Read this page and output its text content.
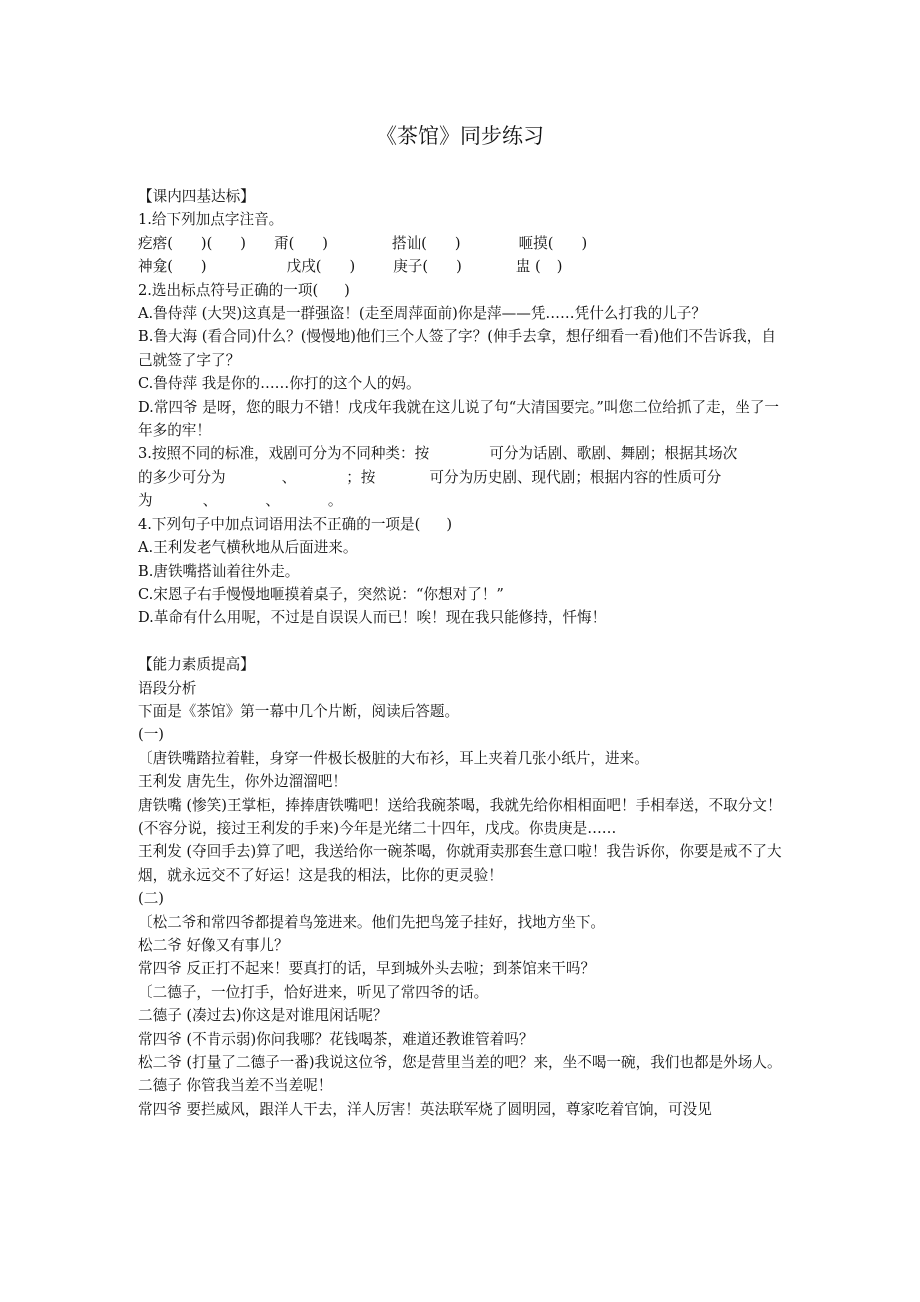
《茶馆》同步练习
【课内四基达标】
1.给下列加点字注音。
疙瘩( )( ) 甭( )	搭讪( )	咂摸( )
神龛( )	戊戌( )	庚子( )	盅 ( )
2.选出标点符号正确的一项( )
A.鲁侍萍 (大哭)这真是一群强盗！(走至周萍面前)你是萍——凭……凭什么打我的儿子？
B.鲁大海 (看合同)什么？(慢慢地)他们三个人签了字？(伸手去拿，想仔细看一看)他们不告诉我，自己就签了字了？
C.鲁侍萍 我是你的……你打的这个人的妈。
D.常四爷 是呀，您的眼力不错！戊戌年我就在这儿说了句“大清国要完。”叫您二位给抓了走，坐了一年多的牢！
3.按照不同的标准，戏剧可分为不同种类：按	可分为话剧、歌剧、舞剧；根据其场次
的多少可分为	、	；按	可分为历史剧、现代剧；根据内容的性质可分
为	、	、	。
4.下列句子中加点词语用法不正确的一项是( )
A.王利发老气横秋地从后面进来。
B.唐铁嘴搭讪着往外走。
C.宋恩子右手慢慢地咂摸着桌子，突然说：“你想对了！”
D.革命有什么用呢，不过是自误误人而已！唉！现在我只能修持，忏悔！
【能力素质提高】
语段分析
下面是《茶馆》第一幕中几个片断，阅读后答题。
(一)
〔唐铁嘴踏拉着鞋，身穿一件极长极脏的大布衫，耳上夹着几张小纸片，进来。
王利发 唐先生，你外边溜溜吧！
唐铁嘴 (惨笑)王掌柜，捧捧唐铁嘴吧！送给我碗茶喝，我就先给你相相面吧！手相奉送，不取分文！(不容分说，接过王利发的手来)今年是光绪二十四年，戊戌。你贵庚是……
王利发 (夺回手去)算了吧，我送给你一碗茶喝，你就甭卖那套生意口啦！我告诉你，你要是戒不了大烟，就永远交不了好运！这是我的相法，比你的更灵验！
(二)
〔松二爷和常四爷都提着鸟笼进来。他们先把鸟笼子挂好，找地方坐下。
松二爷 好像又有事儿？
常四爷 反正打不起来！要真打的话，早到城外头去啦；到茶馆来干吗？
〔二德子，一位打手，恰好进来，听见了常四爷的话。
二德子 (凑过去)你这是对谁甩闲话呢？
常四爷 (不肯示弱)你问我哪？花钱喝茶，难道还教谁管着吗？
松二爷 (打量了二德子一番)我说这位爷，您是营里当差的吧？来，坐不喝一碗，我们也都是外场人。
二德子 你管我当差不当差呢！
常四爷 要拦威风，跟洋人干去，洋人厉害！英法联军烧了圆明园，尊家吃着官饷，可没见
